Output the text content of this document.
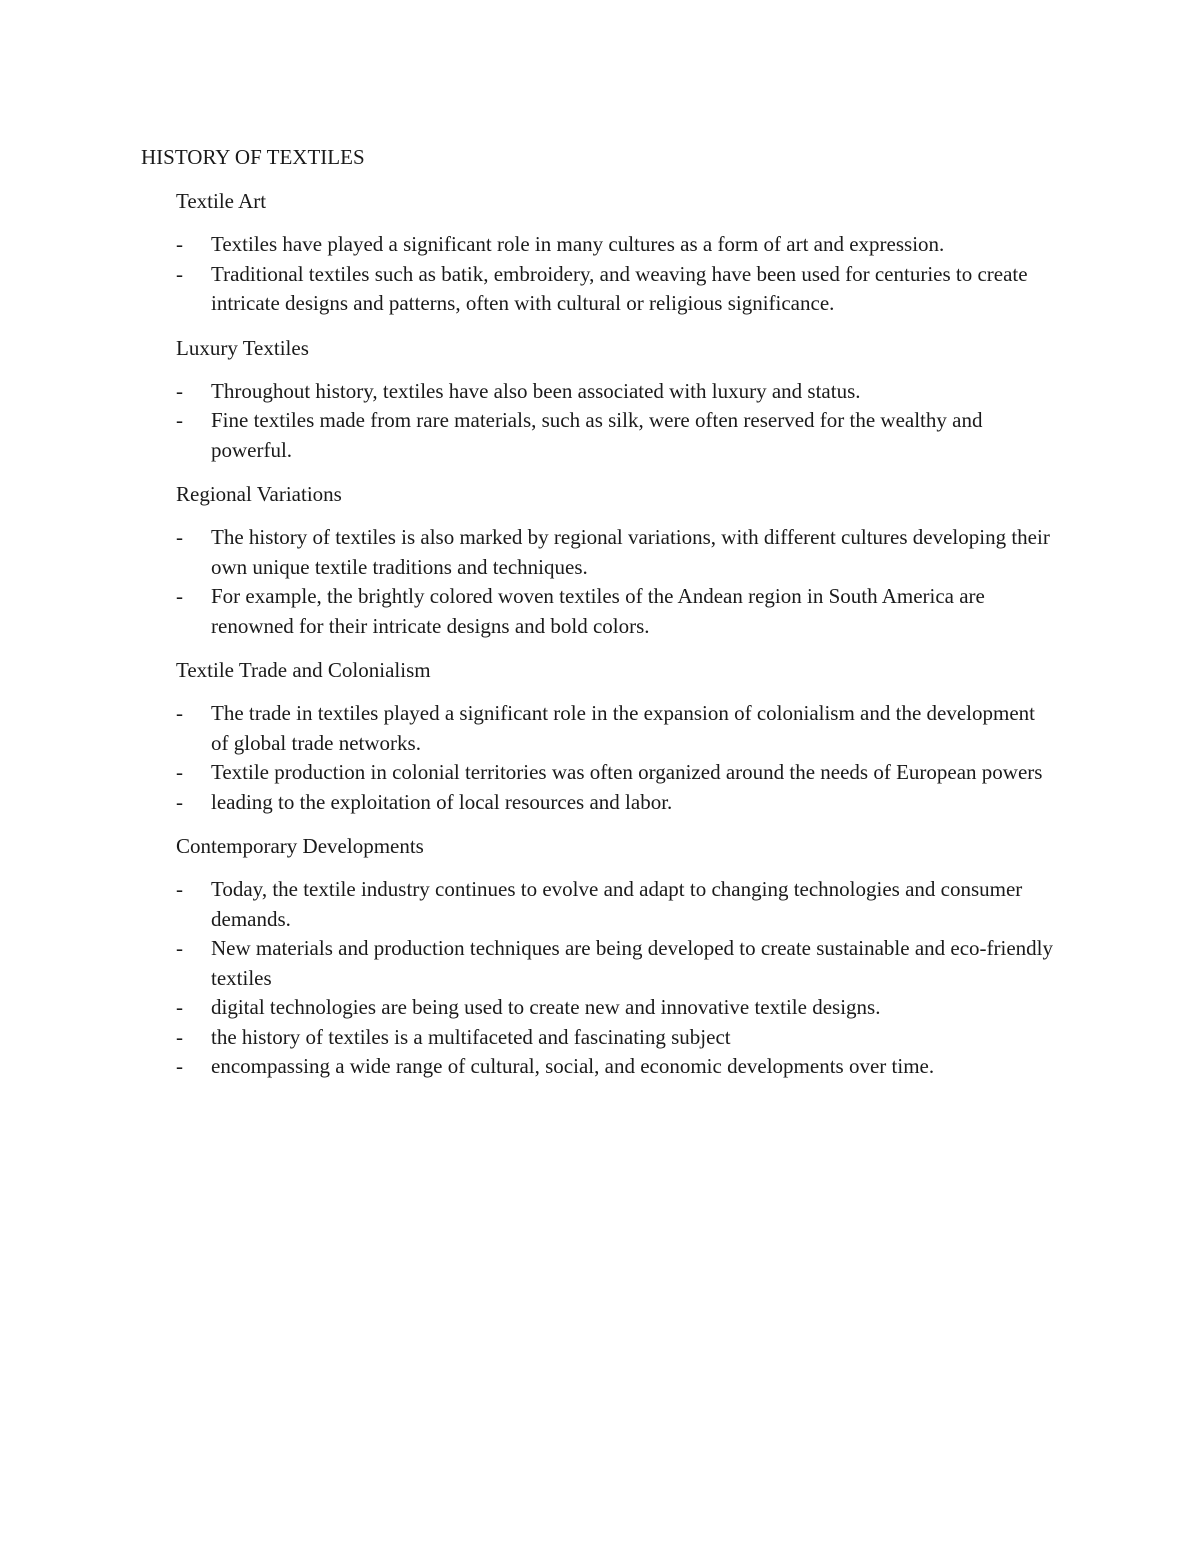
HISTORY OF TEXTILES
Textile Art
- Textiles have played a significant role in many cultures as a form of art and expression.
- Traditional textiles such as batik, embroidery, and weaving have been used for centuries to create intricate designs and patterns, often with cultural or religious significance.
Luxury Textiles
- Throughout history, textiles have also been associated with luxury and status.
- Fine textiles made from rare materials, such as silk, were often reserved for the wealthy and powerful.
Regional Variations
- The history of textiles is also marked by regional variations, with different cultures developing their own unique textile traditions and techniques.
- For example, the brightly colored woven textiles of the Andean region in South America are renowned for their intricate designs and bold colors.
Textile Trade and Colonialism
- The trade in textiles played a significant role in the expansion of colonialism and the development of global trade networks.
- Textile production in colonial territories was often organized around the needs of European powers
- leading to the exploitation of local resources and labor.
Contemporary Developments
- Today, the textile industry continues to evolve and adapt to changing technologies and consumer demands.
- New materials and production techniques are being developed to create sustainable and eco-friendly textiles
- digital technologies are being used to create new and innovative textile designs.
- the history of textiles is a multifaceted and fascinating subject
- encompassing a wide range of cultural, social, and economic developments over time.
